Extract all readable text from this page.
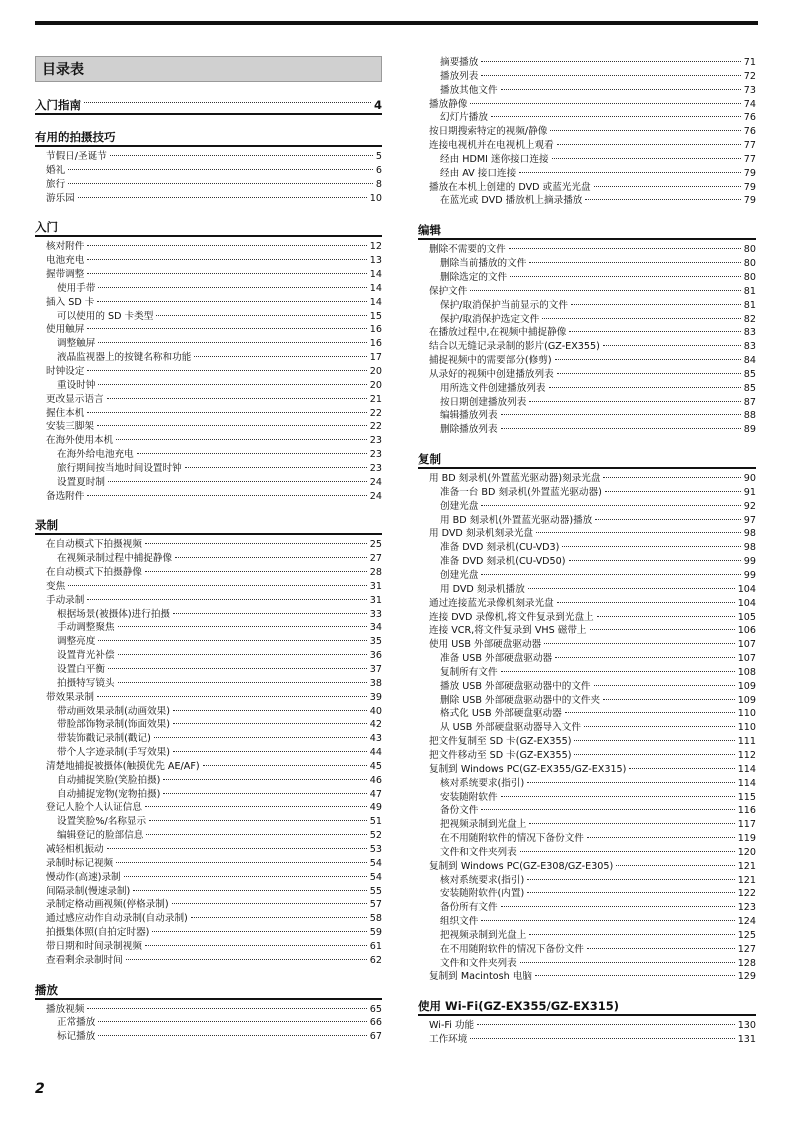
目录表
入门指南	4
有用的拍摄技巧
节假日/圣诞节	5
婚礼	6
旅行	8
游乐园	10
入门
核对附件	12
电池充电	13
握带调整	14
使用手带	14
插入 SD 卡	14
可以使用的 SD 卡类型	15
使用触屏	16
调整触屏	16
液晶监视器上的按键名称和功能	17
时钟设定	20
重设时钟	20
更改显示语言	21
握住本机	22
安装三脚架	22
在海外使用本机	23
在海外给电池充电	23
旅行期间按当地时间设置时钟	23
设置夏时制	24
备选附件	24
录制
在自动模式下拍摄视频	25
在视频录制过程中捕捉静像	27
在自动模式下拍摄静像	28
变焦	31
手动录制	31
根据场景(被摄体)进行拍摄	33
手动调整聚焦	34
调整亮度	35
设置背光补偿	36
设置白平衡	37
拍摄特写镜头	38
带效果录制	39
带动画效果录制(动画效果)	40
带脸部饰物录制(饰面效果)	42
带装饰戳记录制(戳记)	43
带个人字迹录制(手写效果)	44
清楚地捕捉被摄体(触摸优先 AE/AF)	45
自动捕捉笑脸(笑脸拍摄)	46
自动捕捉宠物(宠物拍摄)	47
登记人脸个人认证信息	49
设置笑脸%/名称显示	51
编辑登记的脸部信息	52
减轻相机振动	53
录制时标记视频	54
慢动作(高速)录制	54
间隔录制(慢速录制)	55
录制定格动画视频(停格录制)	57
通过感应动作自动录制(自动录制)	58
拍摄集体照(自拍定时器)	59
带日期和时间录制视频	61
查看剩余录制时间	62
播放
播放视频	65
正常播放	66
标记播放	67
摘要播放	71
播放列表	72
播放其他文件	73
播放静像	74
幻灯片播放	76
按日期搜索特定的视频/静像	76
连接电视机并在电视机上观看	77
经由 HDMI 迷你接口连接	77
经由 AV 接口连接	79
播放在本机上创建的 DVD 或蓝光光盘	79
在蓝光或 DVD 播放机上摘录播放	79
编辑
删除不需要的文件	80
删除当前播放的文件	80
删除选定的文件	80
保护文件	81
保护/取消保护当前显示的文件	81
保护/取消保护选定文件	82
在播放过程中,在视频中捕捉静像	83
结合以无缝记录录制的影片(GZ-EX355)	83
捕捉视频中的需要部分(修剪)	84
从录好的视频中创建播放列表	85
用所选文件创建播放列表	85
按日期创建播放列表	87
编辑播放列表	88
删除播放列表	89
复制
用 BD 刻录机(外置蓝光驱动器)刻录光盘	90
准备一台 BD 刻录机(外置蓝光驱动器)	91
创建光盘	92
用 BD 刻录机(外置蓝光驱动器)播放	97
用 DVD 刻录机刻录光盘	98
准备 DVD 刻录机(CU-VD3)	98
准备 DVD 刻录机(CU-VD50)	99
创建光盘	99
用 DVD 刻录机播放	104
通过连接蓝光录像机刻录光盘	104
连接 DVD 录像机,将文件复录到光盘上	105
连接 VCR,将文件复录到 VHS 磁带上	106
使用 USB 外部硬盘驱动器	107
准备 USB 外部硬盘驱动器	107
复制所有文件	108
播放 USB 外部硬盘驱动器中的文件	109
删除 USB 外部硬盘驱动器中的文件夹	109
格式化 USB 外部硬盘驱动器	110
从 USB 外部硬盘驱动器导入文件	110
把文件复制至 SD 卡(GZ-EX355)	111
把文件移动至 SD 卡(GZ-EX355)	112
复制到 Windows PC(GZ-EX355/GZ-EX315)	114
核对系统要求(指引)	114
安装随附软件	115
备份文件	116
把视频录制到光盘上	117
在不用随附软件的情况下备份文件	119
文件和文件夹列表	120
复制到 Windows PC(GZ-E308/GZ-E305)	121
核对系统要求(指引)	121
安装随附软件(内置)	122
备份所有文件	123
组织文件	124
把视频录制到光盘上	125
在不用随附软件的情况下备份文件	127
文件和文件夹列表	128
复制到 Macintosh 电脑	129
使用 Wi-Fi(GZ-EX355/GZ-EX315)
Wi-Fi 功能	130
工作环境	131
2
